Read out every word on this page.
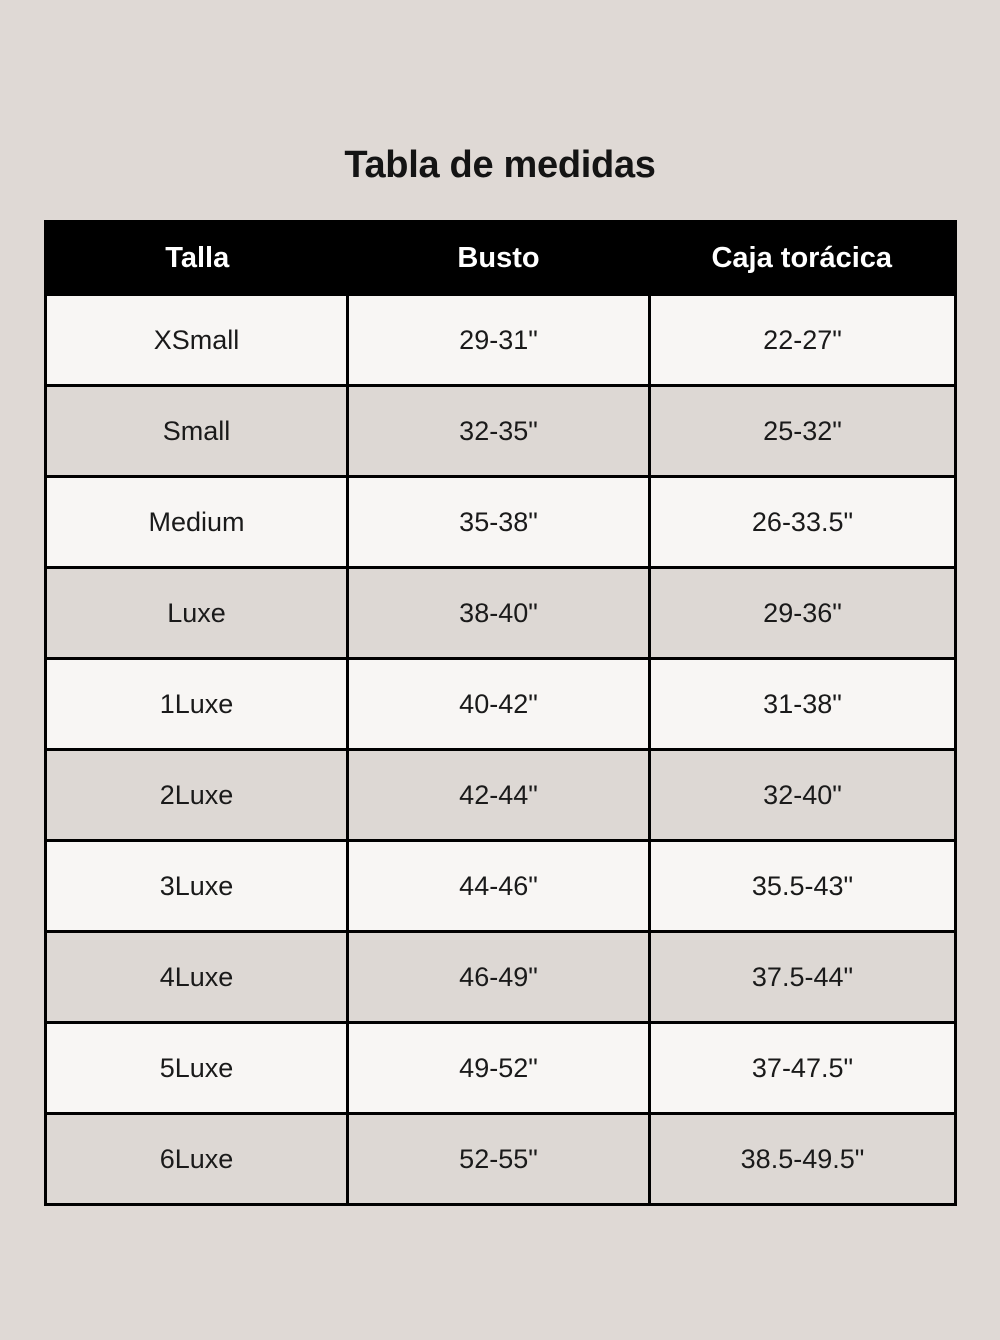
Tabla de medidas
Talla	Busto	Caja torácica
XSmall	29-31"	22-27"
Small	32-35"	25-32"
Medium	35-38"	26-33.5"
Luxe	38-40"	29-36"
1Luxe	40-42"	31-38"
2Luxe	42-44"	32-40"
3Luxe	44-46"	35.5-43"
4Luxe	46-49"	37.5-44"
5Luxe	49-52"	37-47.5"
6Luxe	52-55"	38.5-49.5"
